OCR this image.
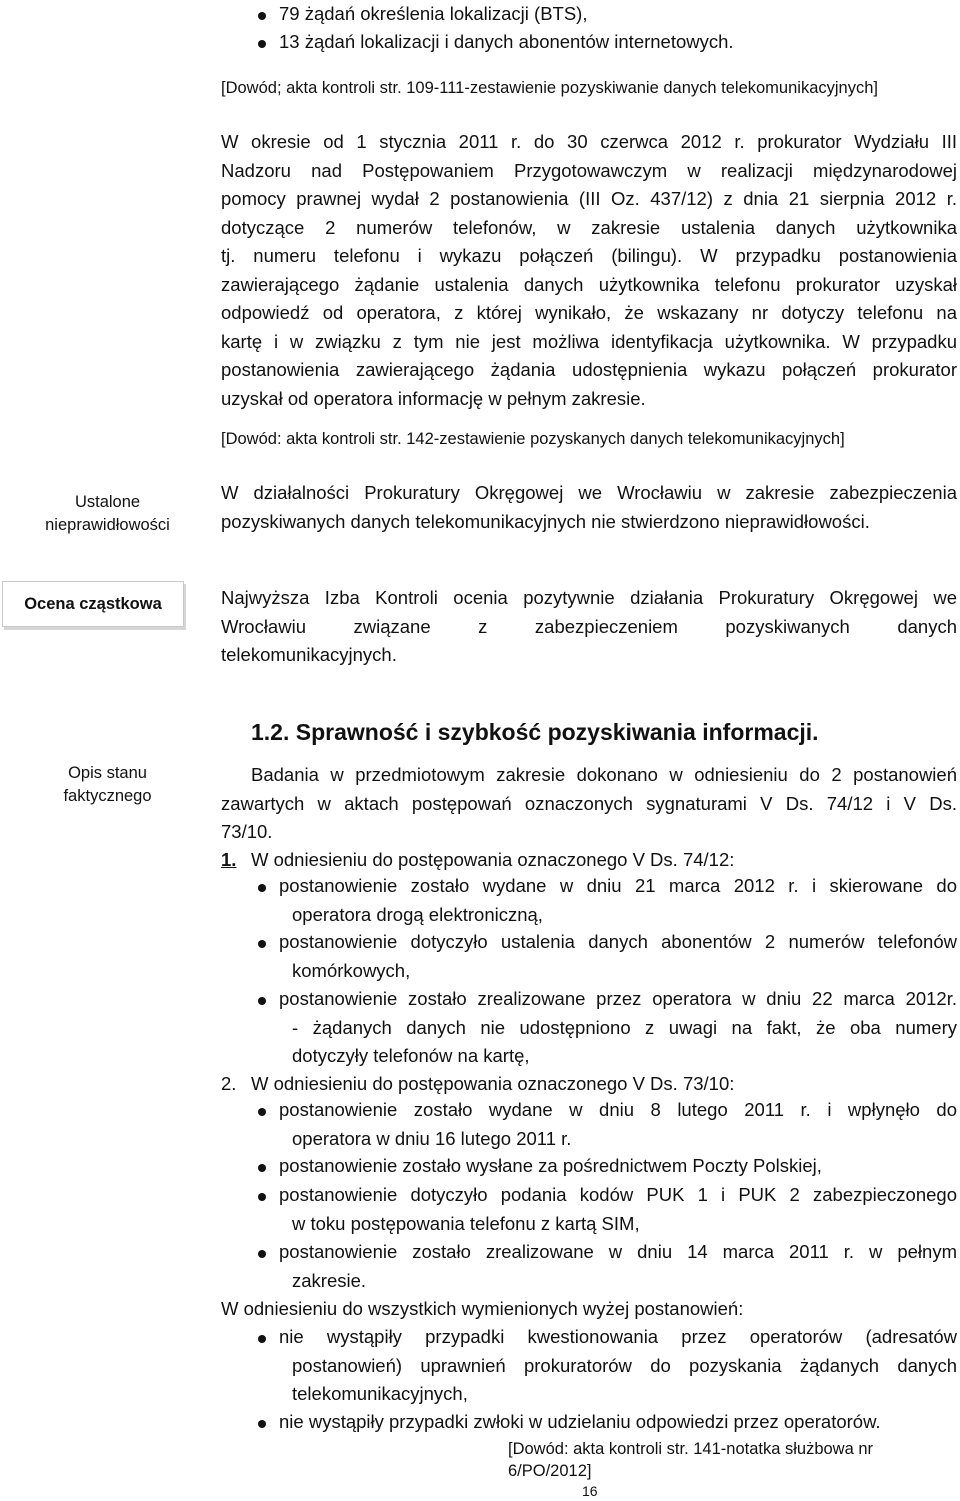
79 żądań określenia lokalizacji (BTS),
13 żądań lokalizacji i danych abonentów internetowych.
[Dowód; akta kontroli str. 109-111-zestawienie pozyskiwanie danych telekomunikacyjnych]
W okresie od 1 stycznia 2011 r. do 30 czerwca 2012 r. prokurator Wydziału III
Nadzoru nad Postępowaniem Przygotowawczym w realizacji międzynarodowej
pomocy prawnej wydał 2 postanowienia (III Oz. 437/12) z dnia 21 sierpnia 2012 r.
dotyczące 2 numerów telefonów, w zakresie ustalenia danych użytkownika
tj. numeru telefonu i wykazu połączeń (bilingu). W przypadku postanowienia
zawierającego żądanie ustalenia danych użytkownika telefonu prokurator uzyskał
odpowiedź od operatora, z której wynikało, że wskazany nr dotyczy telefonu na
kartę i w związku z tym nie jest możliwa identyfikacja użytkownika. W przypadku
postanowienia zawierającego żądania udostępnienia wykazu połączeń prokurator
uzyskał od operatora informację w pełnym zakresie.
[Dowód: akta kontroli str. 142-zestawienie pozyskanych danych telekomunikacyjnych]
Ustalone
nieprawidłowości
W działalności Prokuratury Okręgowej we Wrocławiu w zakresie zabezpieczenia
pozyskiwanych danych telekomunikacyjnych nie stwierdzono nieprawidłowości.
Ocena cząstkowa	Najwyższa Izba Kontroli ocenia pozytywnie działania Prokuratury Okręgowej we
Wrocławiu związane z zabezpieczeniem pozyskiwanych danych
telekomunikacyjnych.
Opis stanu
faktycznego
1.2. Sprawność i szybkość pozyskiwania informacji.
Badania w przedmiotowym zakresie dokonano w odniesieniu do 2 postanowień
zawartych w aktach postępowań oznaczonych sygnaturami V Ds. 74/12 i V Ds.
73/10.
1. W odniesieniu do postępowania oznaczonego V Ds. 74/12:
postanowienie zostało wydane w dniu 21 marca 2012 r. i skierowane do
operatora drogą elektroniczną,
postanowienie dotyczyło ustalenia danych abonentów 2 numerów telefonów
komórkowych,
postanowienie zostało zrealizowane przez operatora w dniu 22 marca 2012r.
- żądanych danych nie udostępniono z uwagi na fakt, że oba numery
dotyczyły telefonów na kartę,
2. W odniesieniu do postępowania oznaczonego V Ds. 73/10:
postanowienie zostało wydane w dniu 8 lutego 2011 r. i wpłynęło do
operatora w dniu 16 lutego 2011 r.
postanowienie zostało wysłane za pośrednictwem Poczty Polskiej,
postanowienie dotyczyło podania kodów PUK 1 i PUK 2 zabezpieczonego
w toku postępowania telefonu z kartą SIM,
postanowienie zostało zrealizowane w dniu 14 marca 2011 r. w pełnym
zakresie.
W odniesieniu do wszystkich wymienionych wyżej postanowień:
nie wystąpiły przypadki kwestionowania przez operatorów (adresatów
postanowień) uprawnień prokuratorów do pozyskania żądanych danych
telekomunikacyjnych,
nie wystąpiły przypadki zwłoki w udzielaniu odpowiedzi przez operatorów.
[Dowód: akta kontroli str. 141-notatka służbowa nr 6/PO/2012]
16
